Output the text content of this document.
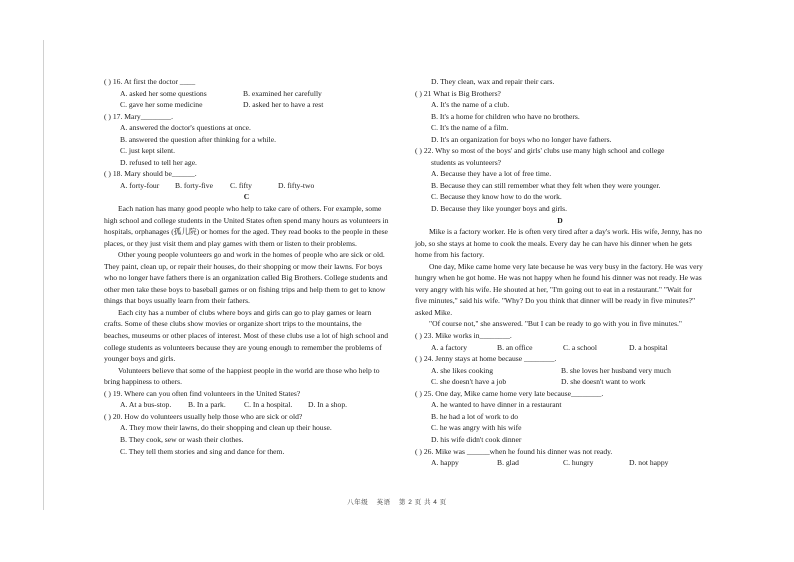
( ) 16. At first the doctor ____
A. asked her some questions	B. examined her carefully
C. gave her some medicine	D. asked her to have a rest
( ) 17. Mary________.
A. answered the doctor's questions at once.
B. answered the question after thinking for a while.
C. just kept silent.
D. refused to tell her age.
( ) 18. Mary should be______.
A. forty-four	B. forty-five	C. fifty	D. fifty-two
C
Each nation has many good people who help to take care of others. For example, some high school and college students in the United States often spend many hours as volunteers in hospitals, orphanages (孤儿院) or homes for the aged. They read books to the people in these places, or they just visit them and play games with them or listen to their problems.
Other young people volunteers go and work in the homes of people who are sick or old. They paint, clean up, or repair their houses, do their shopping or mow their lawns. For boys who no longer have fathers there is an organization called Big Brothers. College students and other men take these boys to baseball games or on fishing trips and help them to get to know things that boys usually learn from their fathers.
Each city has a number of clubs where boys and girls can go to play games or learn crafts. Some of these clubs show movies or organize short trips to the mountains, the beaches, museums or other places of interest. Most of these clubs use a lot of high school and college students as volunteers because they are young enough to remember the problems of younger boys and girls.
Volunteers believe that some of the happiest people in the world are those who help to bring happiness to others.
( ) 19. Where can you often find volunteers in the United States?
A. At a bus-stop.	B. In a park.	C. In a hospital.	D. In a shop.
( ) 20. How do volunteers usually help those who are sick or old?
A. They mow their lawns, do their shopping and clean up their house.
B. They cook, sew or wash their clothes.
C. They tell them stories and sing and dance for them.
D. They clean, wax and repair their cars.
( ) 21 What is Big Brothers?
A. It's the name of a club.
B. It's a home for children who have no brothers.
C. It's the name of a film.
D. It's an organization for boys who no longer have fathers.
( ) 22. Why so most of the boys' and girls' clubs use many high school and college
students as volunteers?
A. Because they have a lot of free time.
B. Because they can still remember what they felt when they were younger.
C. Because they know how to do the work.
D. Because they like younger boys and girls.
D
Mike is a factory worker. He is often very tired after a day's work. His wife, Jenny, has no job, so she stays at home to cook the meals. Every day he can have his dinner when he gets home from his factory.
One day, Mike came home very late because he was very busy in the factory. He was very hungry when he got home. He was not happy when he found his dinner was not ready. He was very angry with his wife. He shouted at her, "I'm going out to eat in a restaurant." "Wait for five minutes," said his wife. "Why? Do you think that dinner will be ready in five minutes?" asked Mike.
"Of course not," she answered. "But I can be ready to go with you in five minutes."
( ) 23. Mike works in________.
A. a factory	B. an office	C. a school	D. a hospital
( ) 24. Jenny stays at home because ________.
A. she likes cooking	B. she loves her husband very much
C. she doesn't have a job	D. she doesn't want to work
( ) 25. One day, Mike came home very late because________.
A. he wanted to have dinner in a restaurant
B. he had a lot of work to do
C. he was angry with his wife
D. his wife didn't cook dinner
( ) 26. Mike was ______when he found his dinner was not ready.
A. happy	B. glad	C. hungry	D. not happy
八年级 英语 第 2 页 共 4 页
